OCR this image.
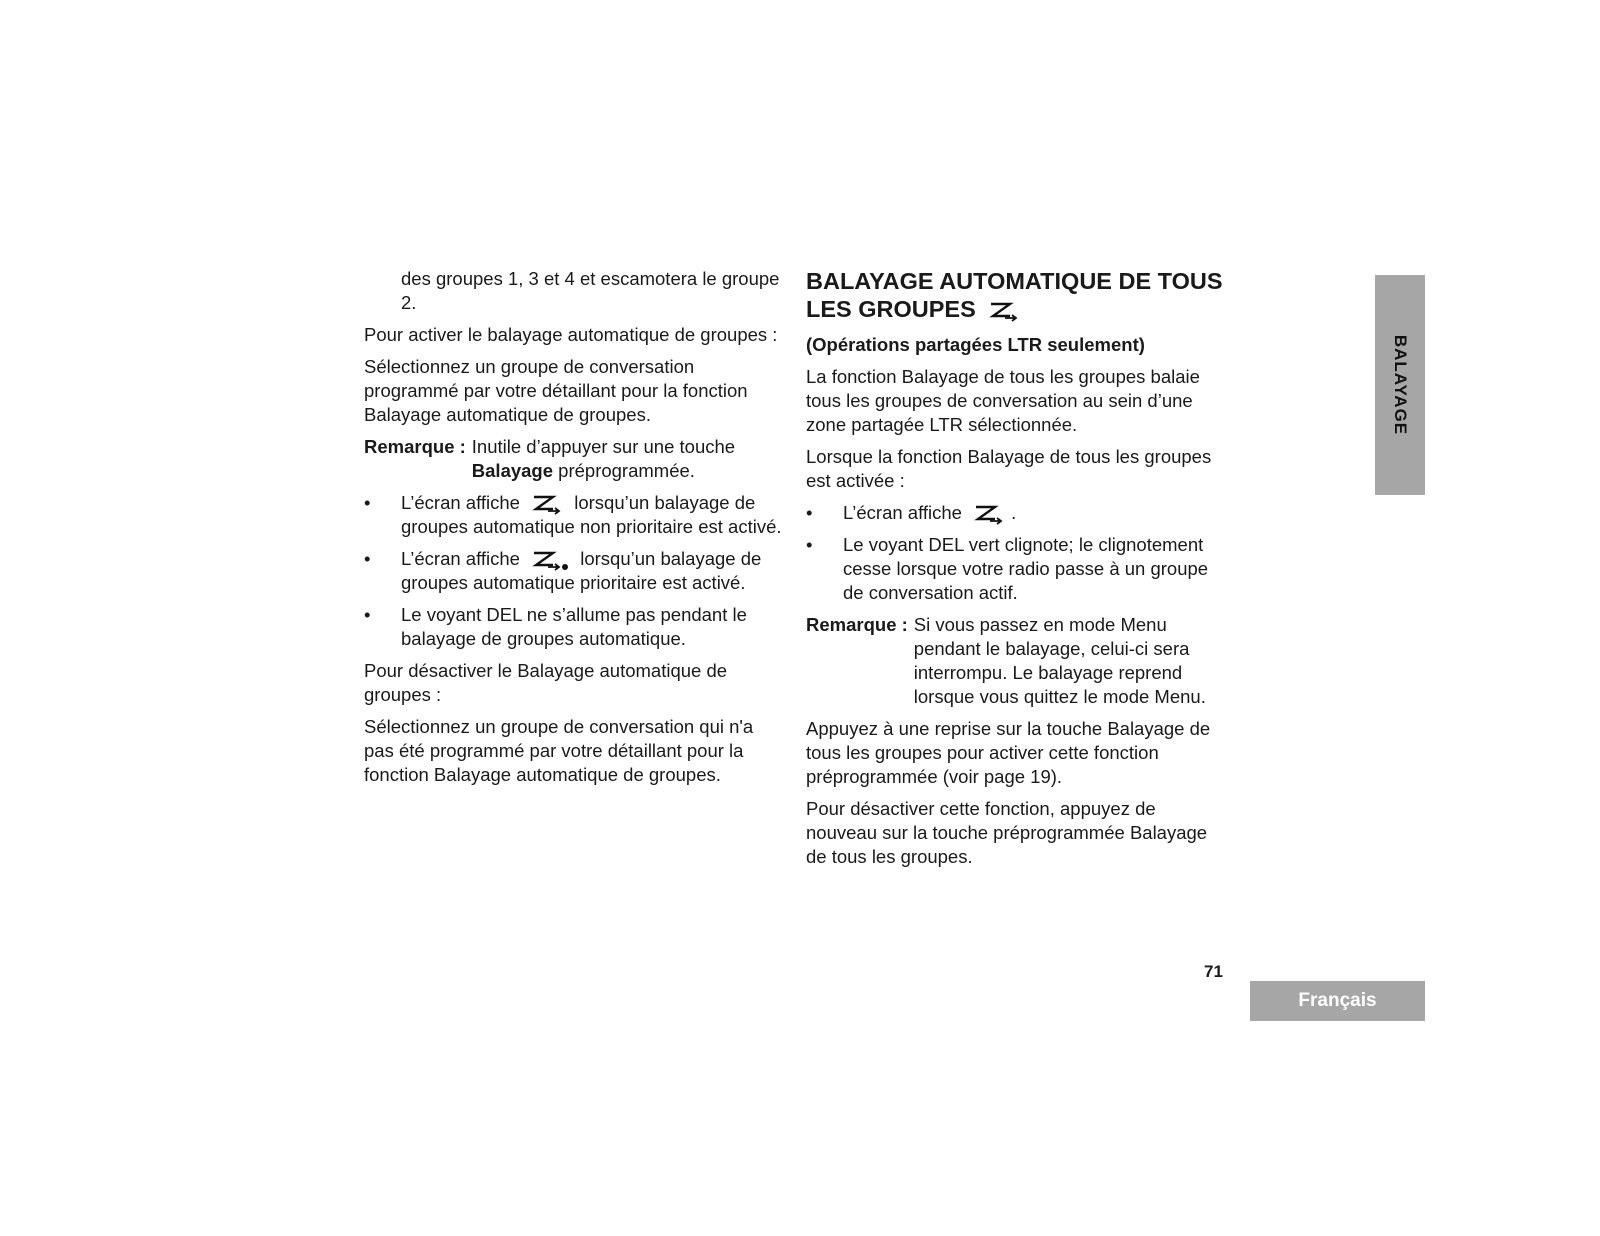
des groupes 1, 3 et 4 et escamotera le groupe 2.

Pour activer le balayage automatique de groupes :

Sélectionnez un groupe de conversation programmé par votre détaillant pour la fonction Balayage automatique de groupes.

Remarque : Inutile d’appuyer sur une touche
Balayage préprogrammée.
• L’écran affiche	lorsqu’un balayage de groupes automatique non prioritaire est activé.
• L’écran affiche	lorsqu’un balayage de groupes automatique prioritaire est activé.
• Le voyant DEL ne s’allume pas pendant le balayage de groupes automatique.

Pour désactiver le Balayage automatique de groupes :

Sélectionnez un groupe de conversation qui n'a pas été programmé par votre détaillant pour la fonction Balayage automatique de groupes.

BALAYAGE AUTOMATIQUE DE TOUS LES GROUPES

(Opérations partagées LTR seulement)

La fonction Balayage de tous les groupes balaie tous les groupes de conversation au sein d’une zone partagée LTR sélectionnée.

Lorsque la fonction Balayage de tous les groupes est activée :

• L’écran affiche	.
• Le voyant DEL vert clignote; le clignotement cesse lorsque votre radio passe à un groupe de conversation actif.
Remarque : Si vous passez en mode Menu pendant le balayage, celui-ci sera interrompu. Le balayage reprend lorsque vous quittez le mode Menu.

Appuyez à une reprise sur la touche Balayage de tous les groupes pour activer cette fonction préprogrammée (voir page 19).

Pour désactiver cette fonction, appuyez de nouveau sur la touche préprogrammée Balayage de tous les groupes.

BALAYAGE
71
Français
